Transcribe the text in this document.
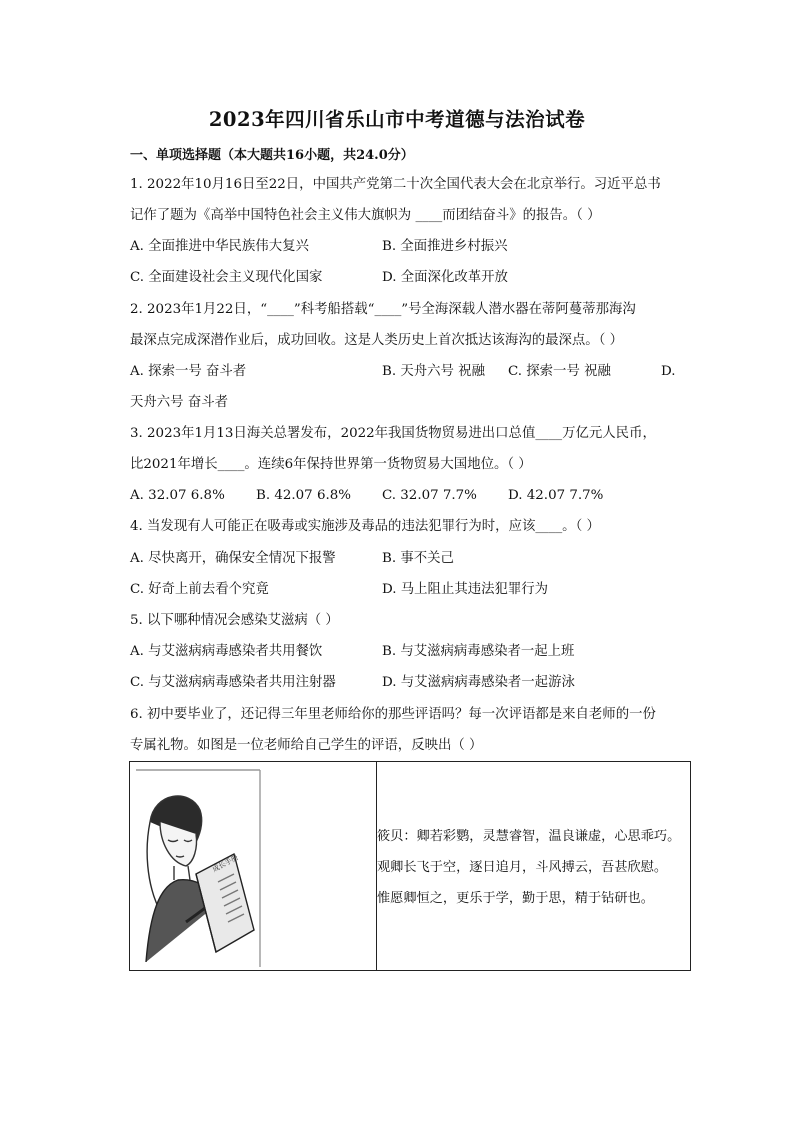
2023年四川省乐山市中考道德与法治试卷
一、单项选择题（本大题共16小题，共24.0分）
1. 2022年10月16日至22日，中国共产党第二十次全国代表大会在北京举行。习近平总书
记作了题为《高举中国特色社会主义伟大旗帜为 ____而团结奋斗》的报告。（ ）
A. 全面推进中华民族伟大复兴	B. 全面推进乡村振兴
C. 全面建设社会主义现代化国家	D. 全面深化改革开放
2. 2023年1月22日，“____”科考船搭载“____”号全海深载人潜水器在蒂阿蔓蒂那海沟
最深点完成深潜作业后，成功回收。这是人类历史上首次抵达该海沟的最深点。（ ）
A. 探索一号 奋斗者	B. 天舟六号 祝融 C. 探索一号 祝融	D.
天舟六号 奋斗者
3. 2023年1月13日海关总署发布，2022年我国货物贸易进出口总值____万亿元人民币，
比2021年增长____。连续6年保持世界第一货物贸易大国地位。（ ）
A. 32.07 6.8% B. 42.07 6.8% C. 32.07 7.7% D. 42.07 7.7%
4. 当发现有人可能正在吸毒或实施涉及毒品的违法犯罪行为时，应该____。（ ）
A. 尽快离开，确保安全情况下报警	B. 事不关己
C. 好奇上前去看个究竟	D. 马上阻止其违法犯罪行为
5. 以下哪种情况会感染艾滋病（ ）
A. 与艾滋病病毒感染者共用餐饮	B. 与艾滋病病毒感染者一起上班
C. 与艾滋病病毒感染者共用注射器	D. 与艾滋病病毒感染者一起游泳
6. 初中要毕业了，还记得三年里老师给你的那些评语吗？每一次评语都是来自老师的一份
专属礼物。如图是一位老师给自己学生的评语，反映出（ ）
成长手册
筱贝：卿若彩鹦，灵慧睿智，温良谦虚，心思乖巧。
观卿长飞于空，逐日追月，斗风搏云，吾甚欣慰。
惟愿卿恒之，更乐于学，勤于思，精于钻研也。
